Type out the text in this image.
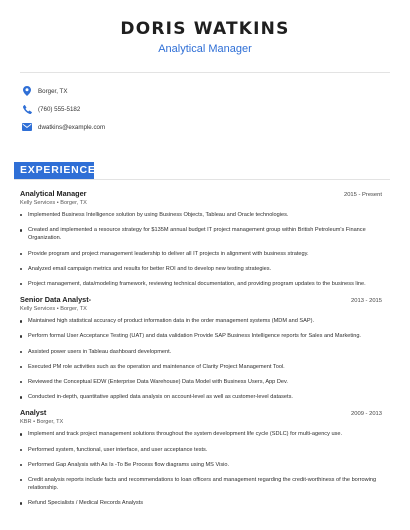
DORIS WATKINS
Analytical Manager
Borger, TX
(760) 555-5182
dwatkins@example.com
EXPERIENCE
Analytical Manager	2015 - Present
Kelly Services • Borger, TX
Implemented Business Intelligence solution by using Business Objects, Tableau and Oracle technologies.
Created and implemented a resource strategy for $135M annual budget IT project management group within British Petroleum's Finance Organization.
Provide program and project management leadership to deliver all IT projects in alignment with business strategy.
Analyzed email campaign metrics and results for better ROI and to develop new testing strategies.
Project management, data/modeling framework, reviewing technical documentation, and providing program updates to the business line.
Senior Data Analyst-	2013 - 2015
Kelly Services • Borger, TX
Maintained high statistical accuracy of product information data in the order management systems (MDM and SAP).
Perform formal User Acceptance Testing (UAT) and data validation Provide SAP Business Intelligence reports for Sales and Marketing.
Assisted power users in Tableau dashboard development.
Executed PM role activities such as the operation and maintenance of Clarity Project Management Tool.
Reviewed the Conceptual EDW (Enterprise Data Warehouse) Data Model with Business Users, App Dev.
Conducted in-depth, quantitative applied data analysis on account-level as well as customer-level datasets.
Analyst	2009 - 2013
KBR • Borger, TX
Implement and track project management solutions throughout the system development life cycle (SDLC) for multi-agency use.
Performed system, functional, user interface, and user acceptance tests.
Performed Gap Analysis with As Is -To Be Process flow diagrams using MS Visio.
Credit analysis reports include facts and recommendations to loan officers and management regarding the credit-worthiness of the borrowing relationship.
Refund Specialists / Medical Records Analysts
